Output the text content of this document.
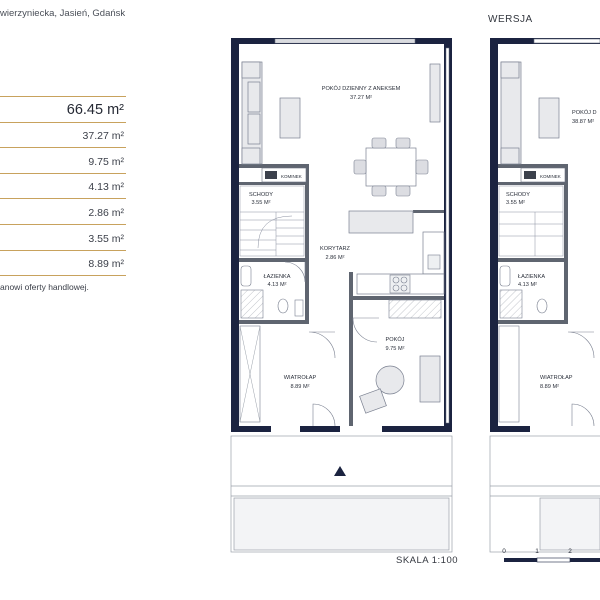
wierzyniecka, Jasień, Gdańsk
66.45 m²
37.27 m²
9.75 m²
4.13 m²
2.86 m²
3.55 m²
8.89 m²
anowi oferty handlowej.
WERSJA
SKALA 1:100
KOMINEK	KOMINEK
POKÓJ DZIENNY Z ANEKSEM
37.27 M²
SCHODY
3.55 M²
KORYTARZ
2.86 M²
ŁAZIENKA
4.13 M²
POKÓJ
9.75 M²
WIATROŁAP
8.89 M²
POKÓJ D
38.87 M²
SCHODY
3.55 M²
ŁAZIENKA
4.13 M²
WIATROŁAP
8.89 M²
0	1	2
